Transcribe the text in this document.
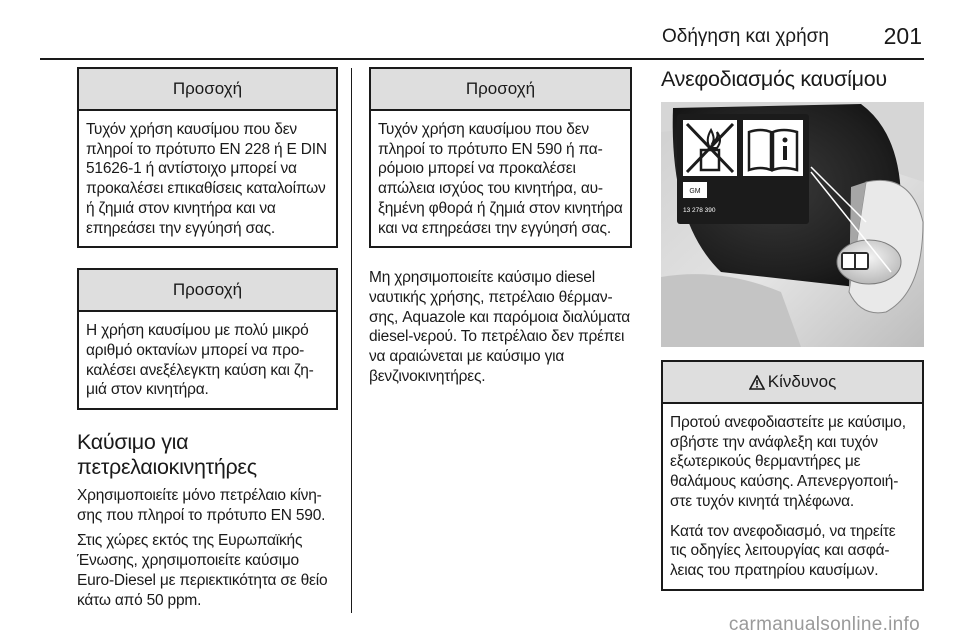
Οδήγηση και χρήση 201
Προσοχή

Τυχόν χρήση καυσίμου που δεν πληροί το πρότυπο EN 228 ή E DIN 51626-1 ή αντίστοιχο μπορεί να προκαλέσει επικαθίσεις καταλοίπων ή ζημιά στον κινητήρα και να επηρεάσει την εγγύησή σας.

Προσοχή

Η χρήση καυσίμου με πολύ μικρό αριθμό οκτανίων μπορεί να προκαλέσει ανεξέλεγκτη καύση και ζημιά στον κινητήρα.

Καύσιμο για πετρελαιοκινητήρες

Χρησιμοποιείτε μόνο πετρέλαιο κίνησης που πληροί το πρότυπο EN 590.

Στις χώρες εκτός της Ευρωπαϊκής Ένωσης, χρησιμοποιείτε καύσιμο Euro-Diesel με περιεκτικότητα σε θείο κάτω από 50 ppm.

Προσοχή

Τυχόν χρήση καυσίμου που δεν πληροί το πρότυπο EN 590 ή παρόμοιο μπορεί να προκαλέσει απώλεια ισχύος του κινητήρα, αυξημένη φθορά ή ζημιά στον κινητήρα και να επηρεάσει την εγγύησή σας.

Μη χρησιμοποιείτε καύσιμο diesel ναυτικής χρήσης, πετρέλαιο θέρμανσης, Aquazole και παρόμοια διαλύματα diesel-νερού. Το πετρέλαιο δεν πρέπει να αραιώνεται με καύσιμο για βενζινοκινητήρες.

Ανεφοδιασμός καυσίμου
GM
13 278 390
Κίνδυνος

Προτού ανεφοδιαστείτε με καύσιμο, σβήστε την ανάφλεξη και τυχόν εξωτερικούς θερμαντήρες με θαλάμους καύσης. Απενεργοποιήστε τυχόν κινητά τηλέφωνα.

Κατά τον ανεφοδιασμό, να τηρείτε τις οδηγίες λειτουργίας και ασφάλειας του πρατηρίου καυσίμων.

carmanualsonline.info
